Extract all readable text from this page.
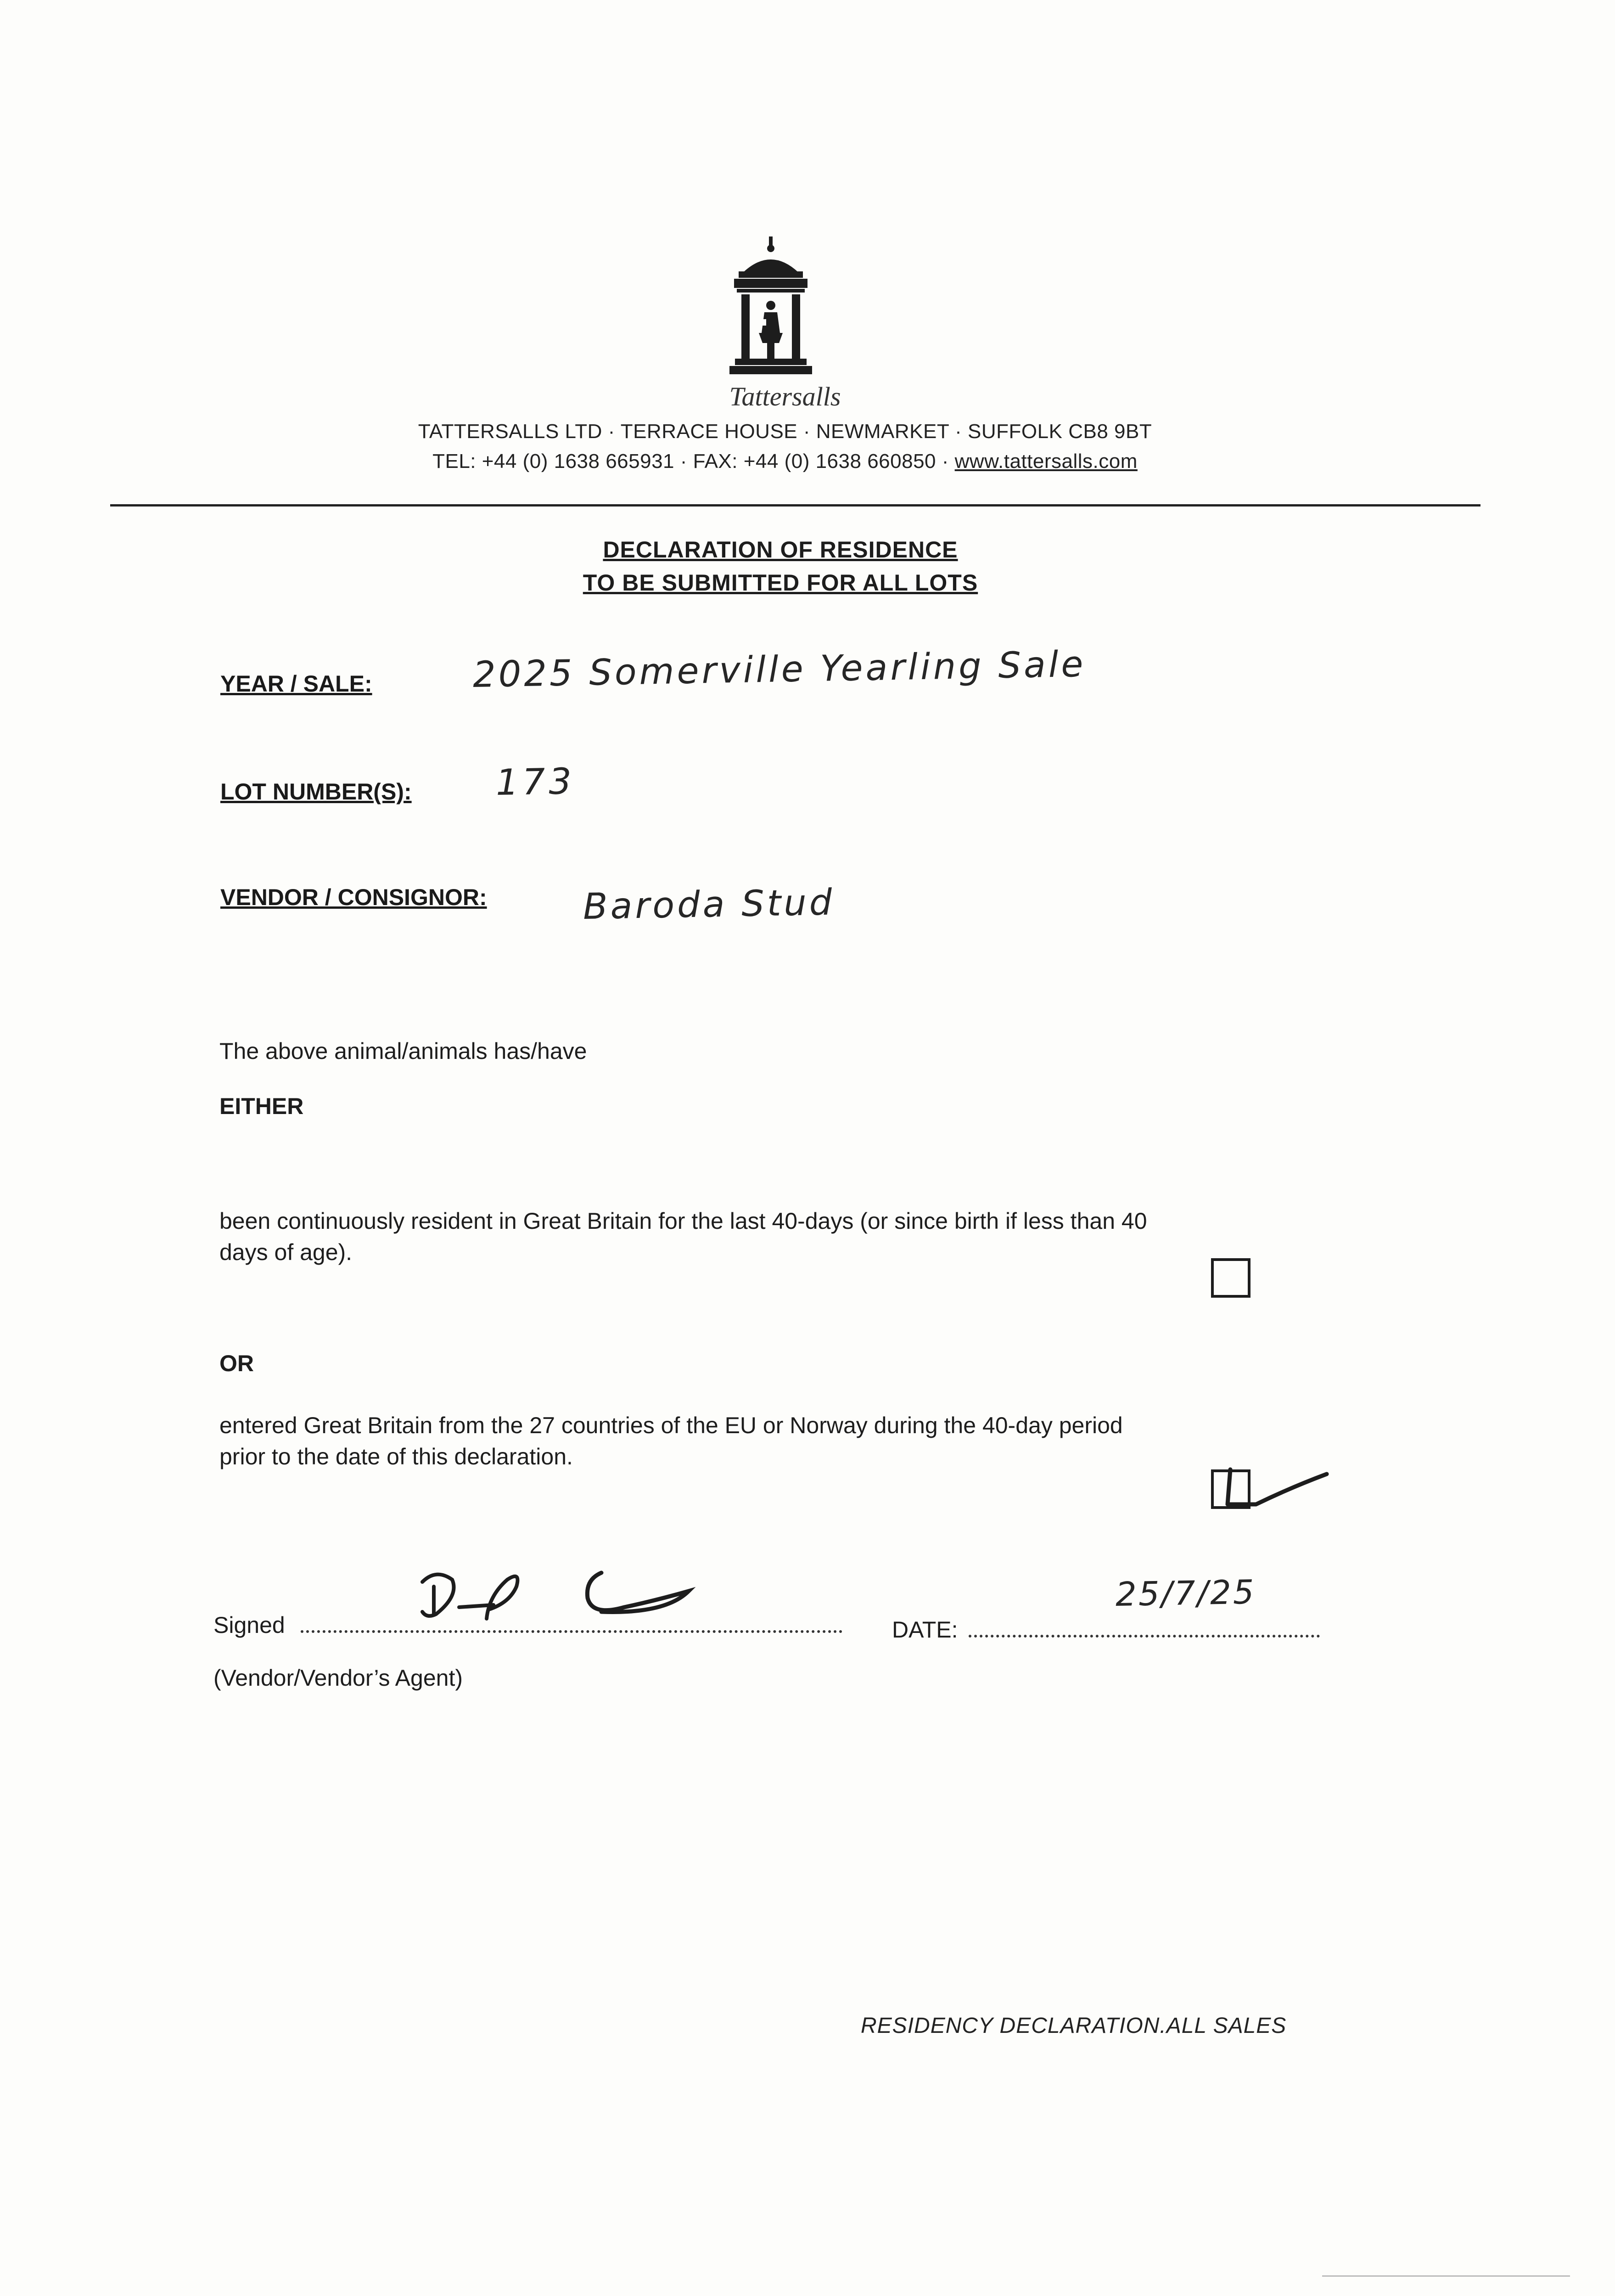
Tattersalls
TATTERSALLS LTD · TERRACE HOUSE · NEWMARKET · SUFFOLK CB8 9BT
TEL: +44 (0) 1638 665931 · FAX: +44 (0) 1638 660850 · www.tattersalls.com
DECLARATION OF RESIDENCE
TO BE SUBMITTED FOR ALL LOTS
YEAR / SALE:	2025 Somerville Yearling Sale
LOT NUMBER(S): 173
VENDOR / CONSIGNOR:	Baroda Stud
The above animal/animals has/have
EITHER
been continuously resident in Great Britain for the last 40-days (or since birth if less than 40
days of age).
OR
entered Great Britain from the 27 countries of the EU or Norway during the 40-day period
prior to the date of this declaration.
Signed	DATE:
25/7/25
(Vendor/Vendor’s Agent)
RESIDENCY DECLARATION.ALL SALES
